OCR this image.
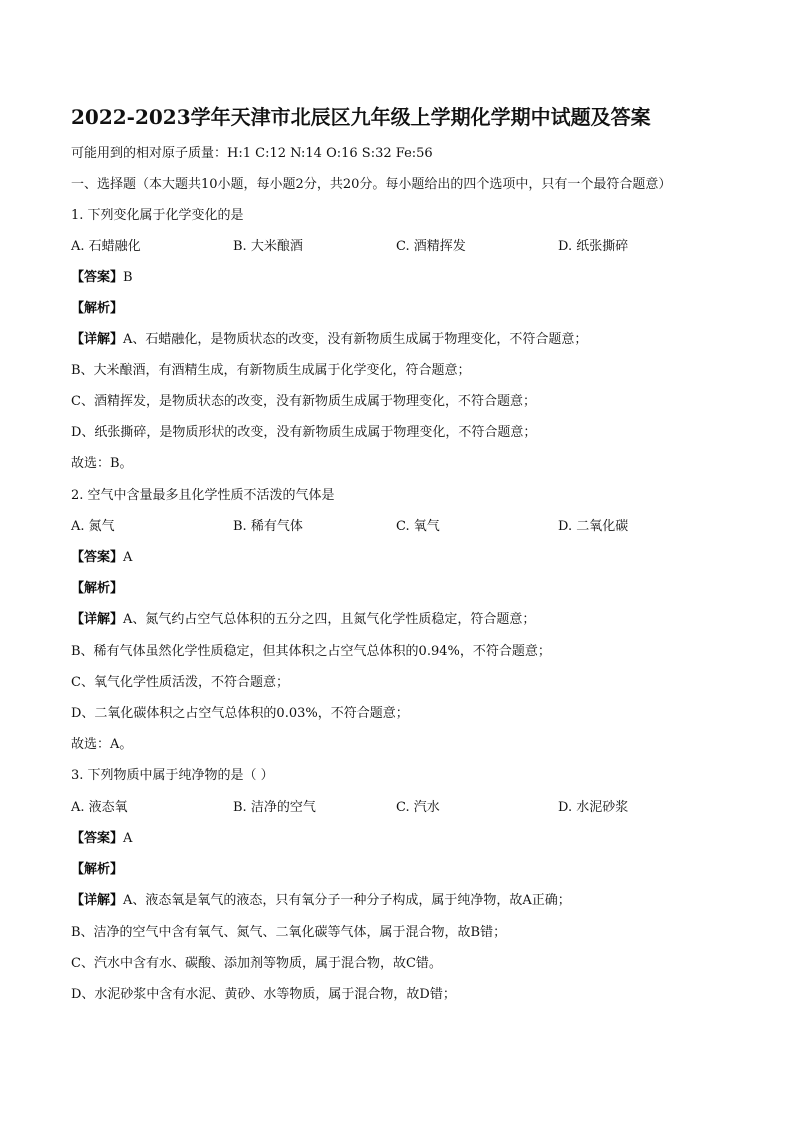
2022-2023学年天津市北辰区九年级上学期化学期中试题及答案
可能用到的相对原子质量：H:1 C:12 N:14 O:16 S:32 Fe:56
一、选择题（本大题共10小题，每小题2分，共20分。每小题给出的四个选项中，只有一个最符合题意）
1. 下列变化属于化学变化的是
A. 石蜡融化	B. 大米酿酒	C. 酒精挥发	D. 纸张撕碎
【答案】B
【解析】
【详解】A、石蜡融化，是物质状态的改变，没有新物质生成属于物理变化，不符合题意；
B、大米酿酒，有酒精生成，有新物质生成属于化学变化，符合题意；
C、酒精挥发，是物质状态的改变，没有新物质生成属于物理变化，不符合题意；
D、纸张撕碎，是物质形状的改变，没有新物质生成属于物理变化，不符合题意；
故选：B。
2. 空气中含量最多且化学性质不活泼的气体是
A. 氮气	B. 稀有气体	C. 氧气	D. 二氧化碳
【答案】A
【解析】
【详解】A、氮气约占空气总体积的五分之四，且氮气化学性质稳定，符合题意；
B、稀有气体虽然化学性质稳定，但其体积之占空气总体积的0.94%，不符合题意；
C、氧气化学性质活泼，不符合题意；
D、二氧化碳体积之占空气总体积的0.03%，不符合题意；
故选：A。
3. 下列物质中属于纯净物的是（ ）
A. 液态氧	B. 洁净的空气	C. 汽水	D. 水泥砂浆
【答案】A
【解析】
【详解】A、液态氧是氧气的液态，只有氧分子一种分子构成，属于纯净物，故A正确；
B、洁净的空气中含有氧气、氮气、二氧化碳等气体，属于混合物，故B错；
C、汽水中含有水、碳酸、添加剂等物质，属于混合物，故C错。
D、水泥砂浆中含有水泥、黄砂、水等物质，属于混合物，故D错；
